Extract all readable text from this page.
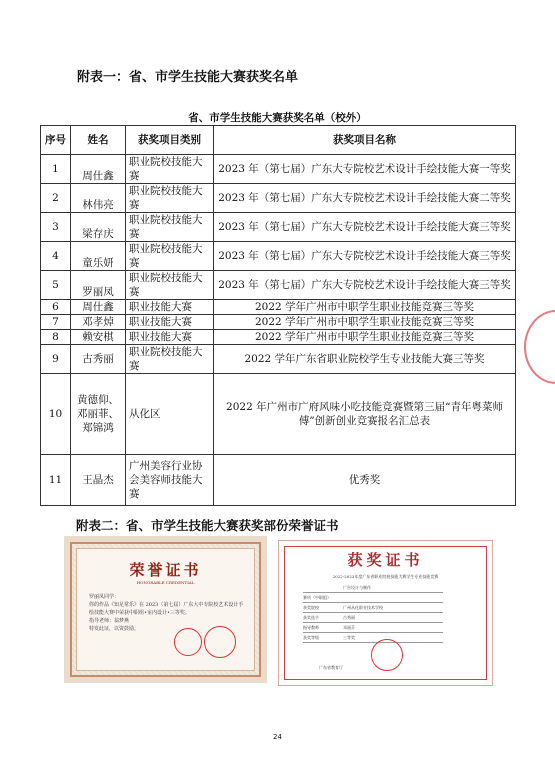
附表一：省、市学生技能大赛获奖名单
省、市学生技能大赛获奖名单（校外）
序号	姓名	获奖项目类别	获奖项目名称
1	周仕鑫	职业院校技能大赛	2023 年（第七届）广东大专院校艺术设计手绘技能大赛一等奖
2	林伟亮	职业院校技能大赛	2023 年（第七届）广东大专院校艺术设计手绘技能大赛二等奖
3	梁存庆	职业院校技能大赛	2023 年（第七届）广东大专院校艺术设计手绘技能大赛三等奖
4	童乐妍	职业院校技能大赛	2023 年（第七届）广东大专院校艺术设计手绘技能大赛三等奖
5	罗丽凤	职业院校技能大赛	2023 年（第七届）广东大专院校艺术设计手绘技能大赛三等奖
6	周仕鑫	职业技能大赛	2022 学年广州市中职学生职业技能竞赛三等奖
7	邓孝焯	职业技能大赛	2022 学年广州市中职学生职业技能竞赛三等奖
8	赖安棋	职业技能大赛	2022 学年广州市中职学生职业技能竞赛三等奖
9	古秀丽	职业院校技能大赛	2022 学年广东省职业院校学生专业技能大赛三等奖
10	黄德仰、邓丽菲、郑锦鸿	从化区	2022 年广州市广府风味小吃技能竞赛暨第三届“青年粤菜师傅”创新创业竞赛报名汇总表
11	王晶杰	广州美容行业协会美容师技能大赛	优秀奖
附表二：省、市学生技能大赛获奖部份荣誉证书
荣誉证书
HONORABLE CREDENTIAL
罗丽凤同学：
你的作品《知足常乐》在 2023（第七届）广东大中专院校艺术设计手绘技能大赛中荣获中职组•室内设计•三等奖。
指导老师：翁梦燕
特发此证，以资鼓励。
获奖证书
2022-2023年度广东省职业院校技能大赛学生专业技能竞赛
广告设计与制作
赛项（中职组）
获奖院校	广州从化职业技术学校
获奖选手	古秀丽
指导教师	邓丽芬
获奖等级	三等奖
广东省教育厅
24
